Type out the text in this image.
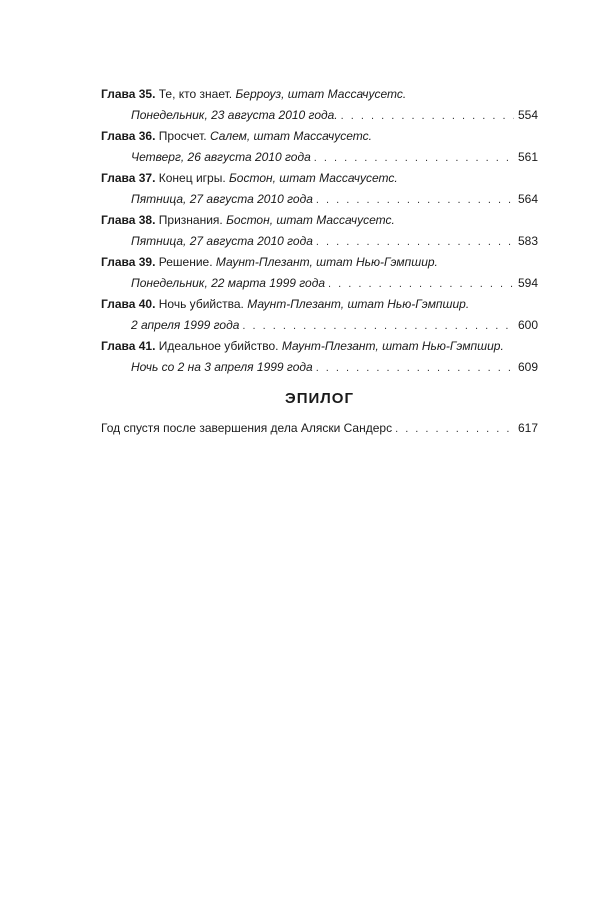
Глава 35. Те, кто знает. Берроуз, штат Массачусетс.
Понедельник, 23 августа 2010 года. . . .	554
Глава 36. Просчет. Салем, штат Массачусетс.
Четверг, 26 августа 2010 года . . .	561
Глава 37. Конец игры. Бостон, штат Массачусетс.
Пятница, 27 августа 2010 года . . .	564
Глава 38. Признания. Бостон, штат Массачусетс.
Пятница, 27 августа 2010 года . . .	583
Глава 39. Решение. Маунт-Плезант, штат Нью-Гэмпшир.
Понедельник, 22 марта 1999 года . . .	594
Глава 40. Ночь убийства. Маунт-Плезант, штат Нью-Гэмпшир.
2 апреля 1999 года . . .	600
Глава 41. Идеальное убийство. Маунт-Плезант, штат Нью-Гэмпшир.
Ночь со 2 на 3 апреля 1999 года . . .	609
ЭПИЛОГ
Год спустя после завершения дела Аляски Сандерс . . .	617
